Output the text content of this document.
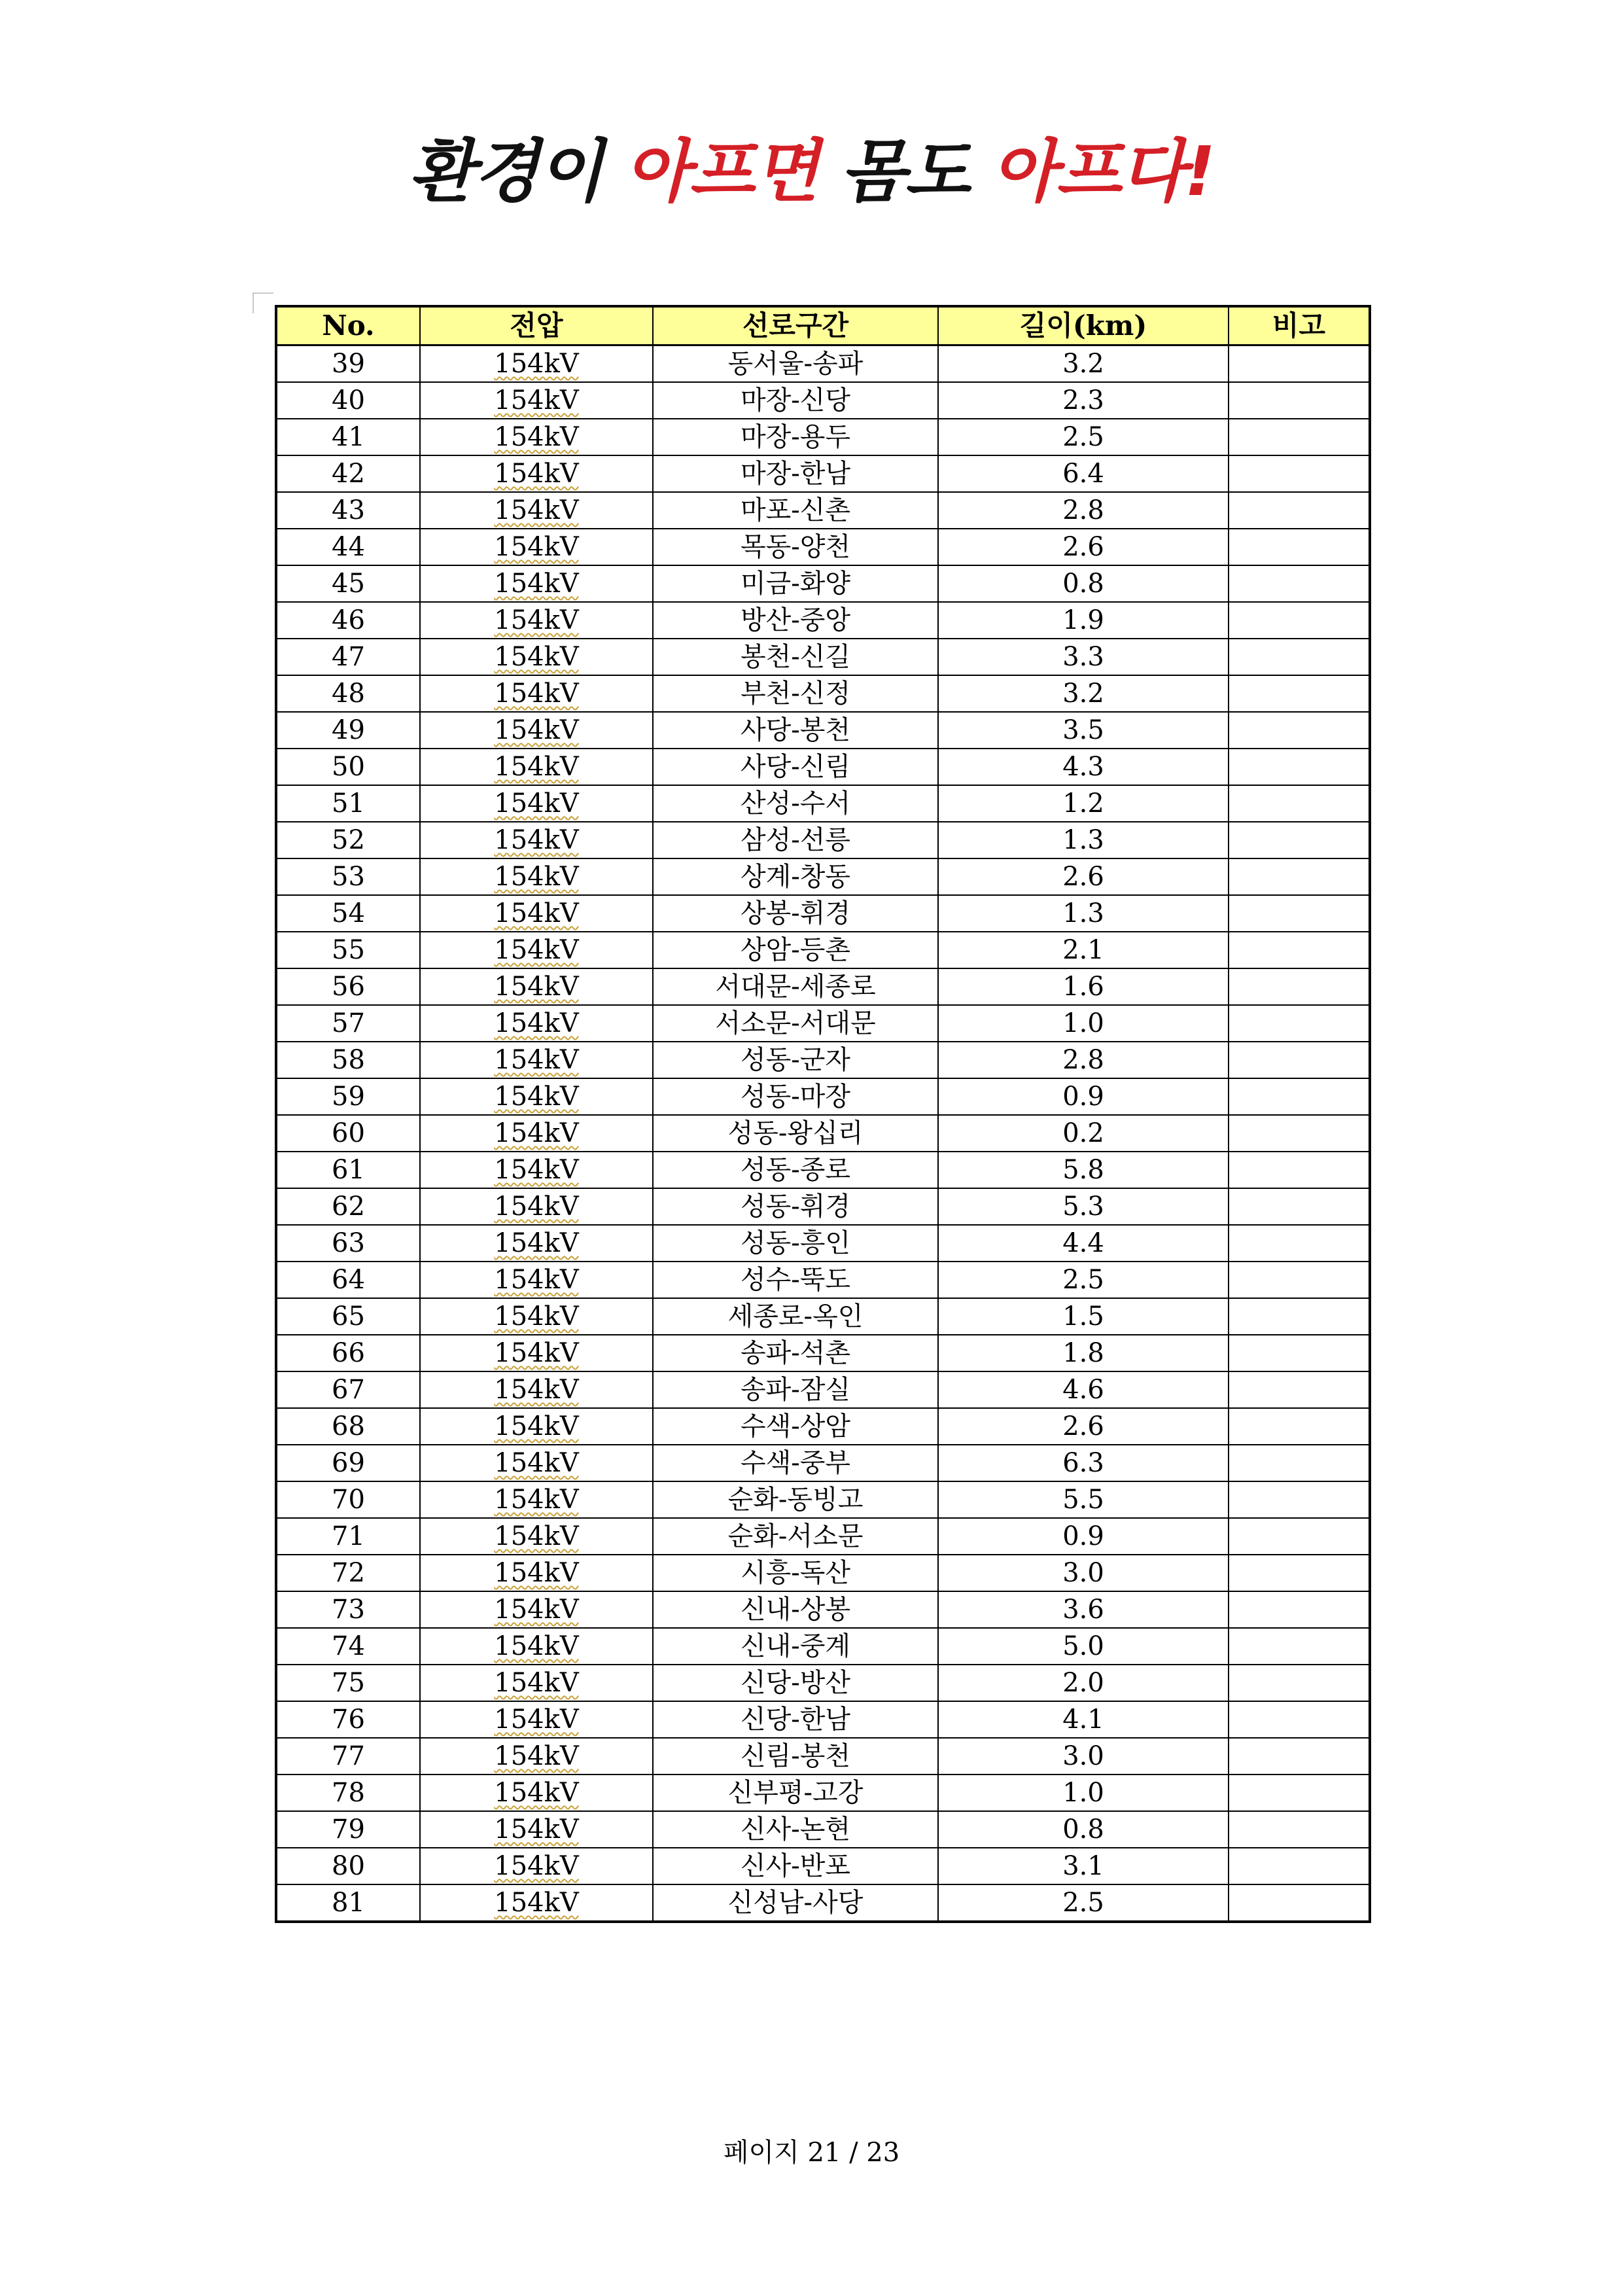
환경이 아프면 몸도 아프다!
No.	전압	선로구간	길이(km)	비고
39	154kV	동서울-송파	3.2	
40	154kV	마장-신당	2.3	
41	154kV	마장-용두	2.5	
42	154kV	마장-한남	6.4	
43	154kV	마포-신촌	2.8	
44	154kV	목동-양천	2.6	
45	154kV	미금-화양	0.8	
46	154kV	방산-중앙	1.9	
47	154kV	봉천-신길	3.3	
48	154kV	부천-신정	3.2	
49	154kV	사당-봉천	3.5	
50	154kV	사당-신림	4.3	
51	154kV	산성-수서	1.2	
52	154kV	삼성-선릉	1.3	
53	154kV	상계-창동	2.6	
54	154kV	상봉-휘경	1.3	
55	154kV	상암-등촌	2.1	
56	154kV	서대문-세종로	1.6	
57	154kV	서소문-서대문	1.0	
58	154kV	성동-군자	2.8	
59	154kV	성동-마장	0.9	
60	154kV	성동-왕십리	0.2	
61	154kV	성동-종로	5.8	
62	154kV	성동-휘경	5.3	
63	154kV	성동-흥인	4.4	
64	154kV	성수-뚝도	2.5	
65	154kV	세종로-옥인	1.5	
66	154kV	송파-석촌	1.8	
67	154kV	송파-잠실	4.6	
68	154kV	수색-상암	2.6	
69	154kV	수색-중부	6.3	
70	154kV	순화-동빙고	5.5	
71	154kV	순화-서소문	0.9	
72	154kV	시흥-독산	3.0	
73	154kV	신내-상봉	3.6	
74	154kV	신내-중계	5.0	
75	154kV	신당-방산	2.0	
76	154kV	신당-한남	4.1	
77	154kV	신림-봉천	3.0	
78	154kV	신부평-고강	1.0	
79	154kV	신사-논현	0.8	
80	154kV	신사-반포	3.1	
81	154kV	신성남-사당	2.5	
페이지 21 / 23
